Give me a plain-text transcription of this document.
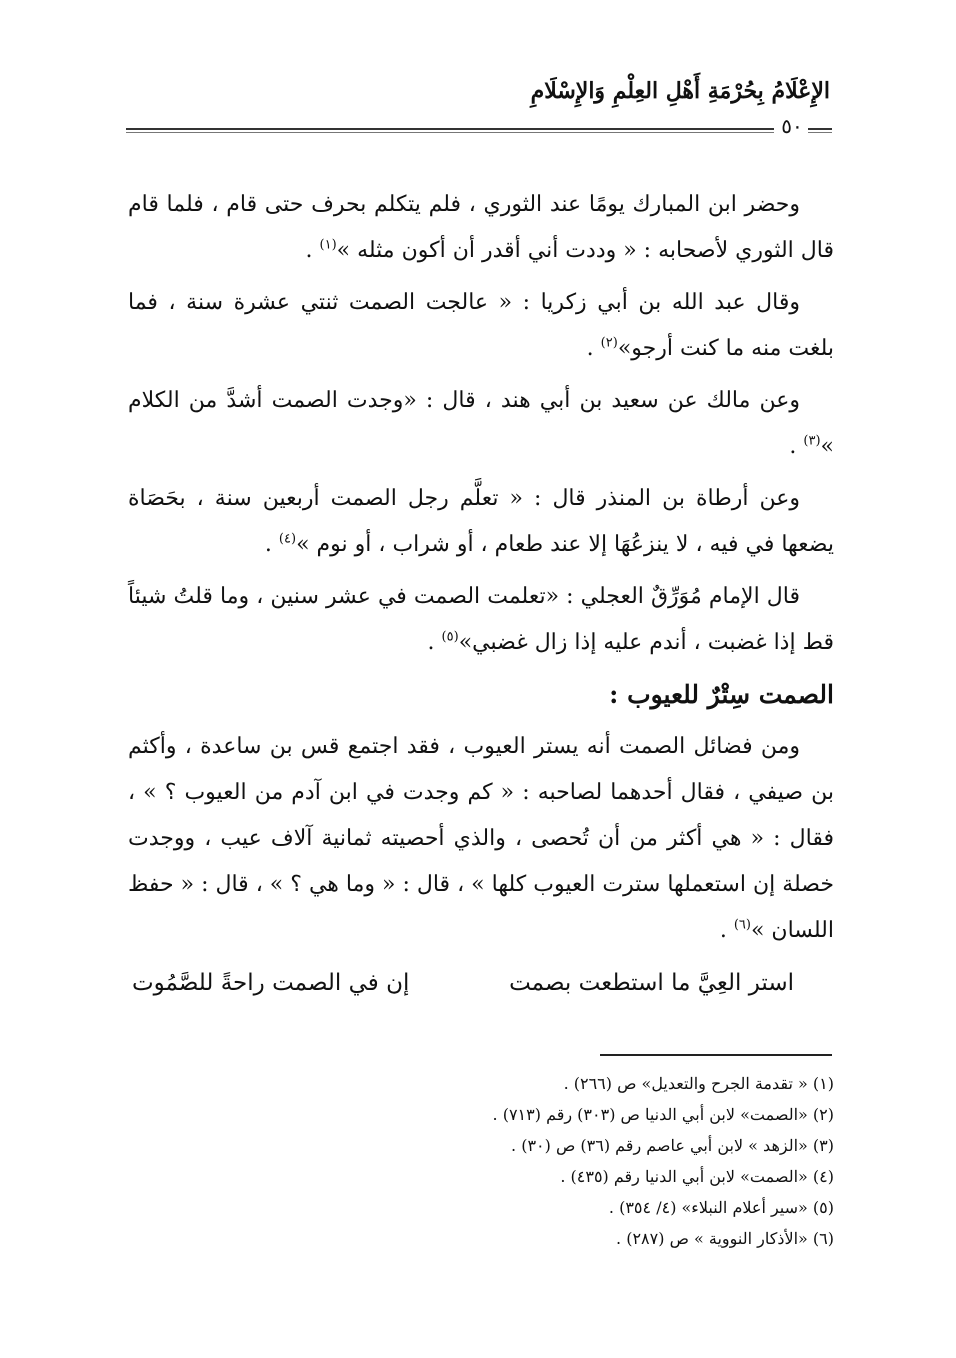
الإِعْلَامُ بِحُرْمَةِ أَهْلِ العِلْمِ وَالإِسْلَامِ
٥٠

وحضر ابن المبارك يومًا عند الثوري ، فلم يتكلم بحرف حتى قام ، فلما قام قال الثوري لأصحابه : « وددت أني أقدر أن أكون مثله »$^{(١)}$ .

وقال عبد الله بن أبي زكريا : « عالجت الصمت ثنتي عشرة سنة ، فما بلغت منه ما كنت أرجو»$^{(٢)}$ .

وعن مالك عن سعيد بن أبي هند ، قال : «وجدت الصمت أشدَّ من الكلام »$^{(٣)}$ .

وعن أرطاة بن المنذر قال : « تعلَّم رجل الصمت أربعين سنة ، بحَصَاة يضعها في فيه ، لا ينزعُهَا إلا عند طعام ، أو شراب ، أو نوم »$^{(٤)}$ .

قال الإمام مُوَرِّقٌ العجلي : «تعلمت الصمت في عشر سنين ، وما قلتُ شيئاً قط إذا غضبت ، أندم عليه إذا زال غضبي»$^{(٥)}$ .

الصمت سِتْرٌ للعيوب :

ومن فضائل الصمت أنه يستر العيوب ، فقد اجتمع قس بن ساعدة ، وأكثم بن صيفي ، فقال أحدهما لصاحبه : « كم وجدت في ابن آدم من العيوب ؟ » ، فقال : « هي أكثر من أن تُحصى ، والذي أحصيته ثمانية آلاف عيب ، ووجدت خصلة إن استعملها سترت العيوب كلها » ، قال : « وما هي ؟ » ، قال : « حفظ اللسان »$^{(٦)}$ .

استر العِيَّ ما استطعت بصمت
إن في الصمت راحةً للصَّمُوت
(١) « تقدمة الجرح والتعديل» ص (٢٦٦) .
(٢) «الصمت» لابن أبي الدنيا ص (٣٠٣) رقم (٧١٣) .
(٣) «الزهد » لابن أبي عاصم رقم (٣٦) ص (٣٠) .
(٤) «الصمت» لابن أبي الدنيا رقم (٤٣٥) .
(٥) «سير أعلام النبلاء» (٤/ ٣٥٤) .
(٦) «الأذكار النووية » ص (٢٨٧) .
